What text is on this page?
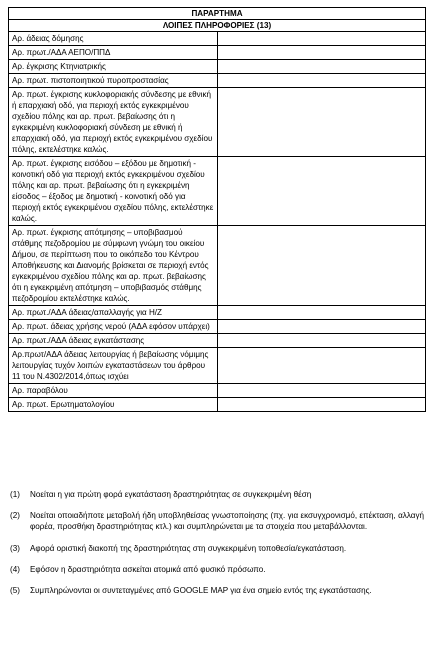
ΠΑΡΑΡΤΗΜΑ	
ΛΟΙΠΕΣ ΠΛΗΡΟΦΟΡΙΕΣ (13)	
Αρ. άδειας δόμησης	
Αρ. πρωτ./ΑΔΑ ΑΕΠΟ/ΠΠΔ	
Αρ. έγκρισης Κτηνιατρικής	
Αρ. πρωτ. πιστοποιητικού πυροπροστασίας	
Αρ. πρωτ. έγκρισης κυκλοφοριακής σύνδεσης με εθνική ή επαρχιακή οδό, για περιοχή εκτός εγκεκριμένου σχεδίου πόλης και αρ. πρωτ. βεβαίωσης ότι η εγκεκριμένη κυκλοφοριακή σύνδεση με εθνική ή επαρχιακή οδό, για περιοχή εκτός εγκεκριμένου σχεδίου πόλης, εκτελέστηκε καλώς.	
Αρ. πρωτ. έγκρισης εισόδου – εξόδου με δημοτική - κοινοτική οδό για περιοχή εκτός εγκεκριμένου σχεδίου πόλης και αρ. πρωτ. βεβαίωσης ότι η εγκεκριμένη είσοδος – έξοδος με δημοτική - κοινοτική οδό για περιοχή εκτός εγκεκριμένου σχεδίου πόλης, εκτελέστηκε καλώς.	
Αρ. πρωτ. έγκρισης απότμησης – υποβιβασμού στάθμης πεζοδρομίου με σύμφωνη γνώμη του οικείου Δήμου, σε περίπτωση που το οικόπεδο του Κέντρου Αποθήκευσης και Διανομής βρίσκεται σε περιοχή εντός εγκεκριμένου σχεδίου πόλης και αρ. πρωτ. βεβαίωσης ότι η εγκεκριμένη απότμηση – υποβιβασμός στάθμης πεζοδρομίου εκτελέστηκε καλώς.	
Αρ. πρωτ./ΑΔΑ άδειας/απαλλαγής για Η/Ζ	
Αρ. πρωτ. άδειας χρήσης νερού (ΑΔΑ εφόσον υπάρχει)	
Αρ. πρωτ./ΑΔΑ άδειας εγκατάστασης	
Αρ.πρωτ/ΑΔΑ άδειας λειτουργίας ή βεβαίωσης νόμιμης λειτουργίας τυχόν λοιπών εγκαταστάσεων του άρθρου 11 του Ν.4302/2014,όπως ισχύει	
Αρ. παραβόλου	
Αρ. πρωτ. Ερωτηματολογίου	
(1)	Νοείται η για πρώτη φορά εγκατάσταση δραστηριότητας σε συγκεκριμένη θέση
(2)	Νοείται οποιαδήποτε μεταβολή ήδη υποβληθείσας γνωστοποίησης (πχ. για εκσυγχρονισμό, επέκταση, αλλαγή φορέα, προσθήκη δραστηριότητας κτλ.) και συμπληρώνεται με τα στοιχεία που μεταβάλλονται.
(3)	Αφορά οριστική διακοπή της δραστηριότητας στη συγκεκριμένη τοποθεσία/εγκατάσταση.
(4)	Εφόσον η δραστηριότητα ασκείται ατομικά από φυσικό πρόσωπο.
(5)	Συμπληρώνονται οι συντεταγμένες από GOOGLE MAP για ένα σημείο εντός της εγκατάστασης.
